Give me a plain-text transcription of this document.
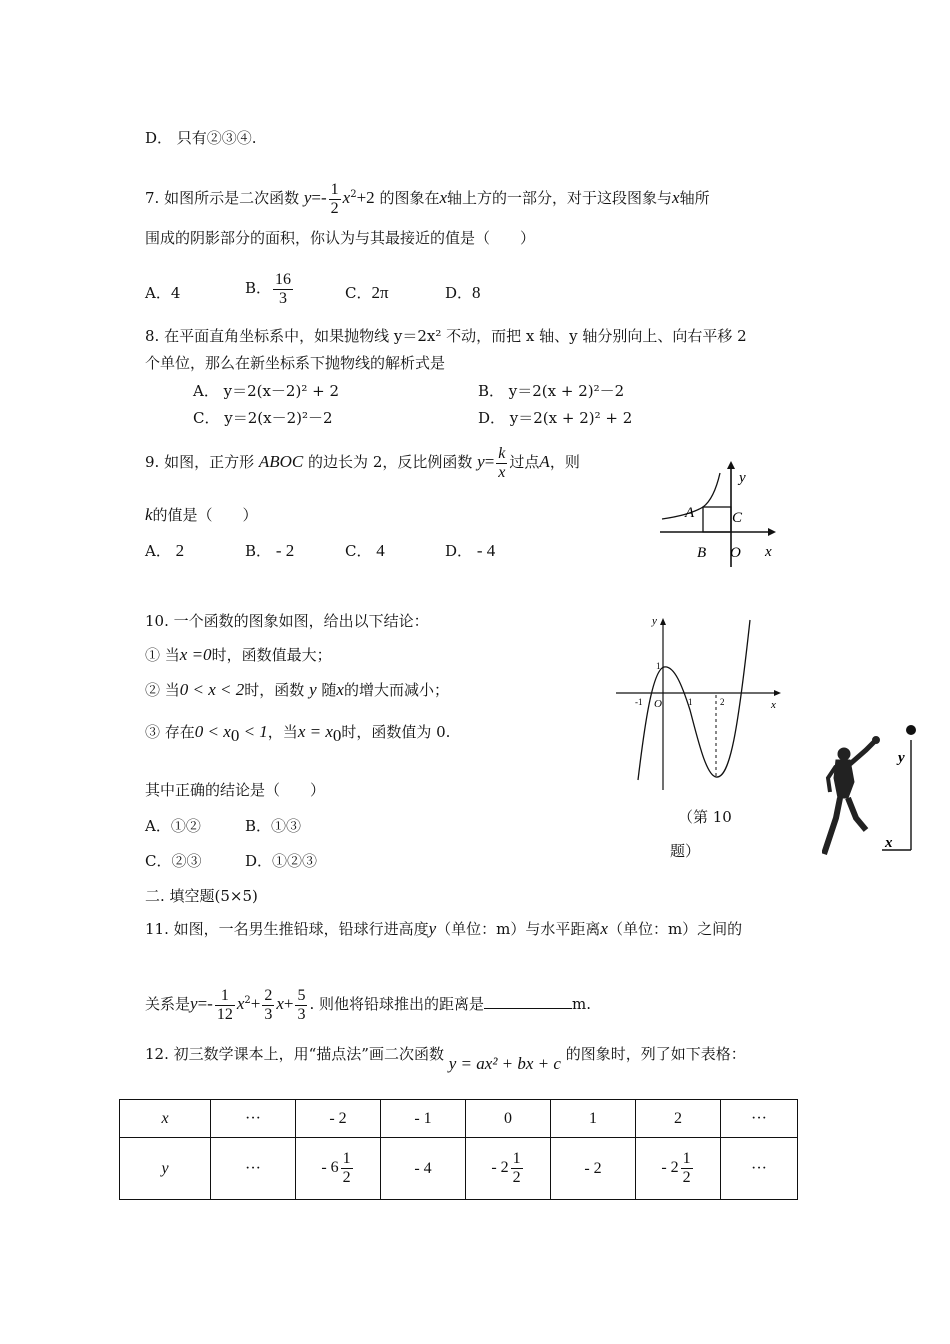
D． 只有②③④.
7. 如图所示是二次函数 $y=- \frac{1}{2} x^2+2$ 的图象在x轴上方的一部分，对于这段图象与x轴所
围成的阴影部分的面积，你认为与其最接近的值是（　　）
A．4	B． $\frac{16}{3}$	C．2π	D．8
8. 在平面直角坐标系中，如果抛物线 y＝2x² 不动，而把 x 轴、y 轴分别向上、向右平移 2
个单位，那么在新坐标系下抛物线的解析式是
A． y＝2(x－2)² + 2	B． y＝2(x + 2)²－2
C． y＝2(x－2)²－2	D． y＝2(x + 2)² + 2
9. 如图，正方形 ABOC 的边长为 2，反比例函数 $y= \frac{k}{x}$ 过点A，则
k的值是（　　）
A． 2	B． - 2	C． 4	D． - 4
y
x
A
B
C
O
10. 一个函数的图象如图，给出以下结论：
① 当x =0时，函数值最大；
② 当0 < x < 2时，函数 y 随x的增大而减小；
③ 存在$0 < x_0 < 1$，当$x = x_0$时，函数值为 0.
其中正确的结论是（　　）
A．①②	B．①③
C．②③	D．①②③
y
x
O
-1	1
1
2
（第 10
题）
y
x
二. 填空题(5×5)
11. 如图，一名男生推铅球，铅球行进高度y（单位：m）与水平距离x（单位：m）之间的
关系是$y=- \frac{1}{12} x^2+ \frac{2}{3} x+ \frac{5}{3}$ . 则他将铅球推出的距离是	m.
12. 初三数学课本上，用“描点法”画二次函数 y = ax² + bx + c 的图象时，列了如下表格：
x	···	- 2	- 1	0	1	2	···
y	···	- $6 \frac{1}{2}$	- 4	- $2 \frac{1}{2}$	- 2	- $2 \frac{1}{2}$	···
